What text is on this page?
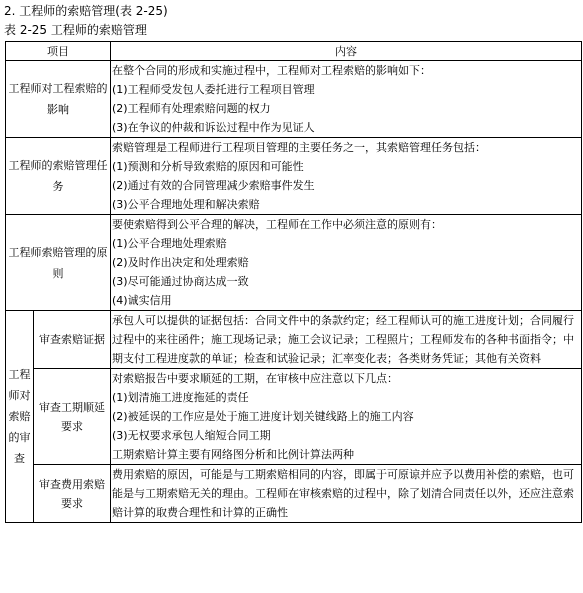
2. 工程师的索赔管理(表 2-25)
表 2-25 工程师的索赔管理
项目		内容
工程师对工程索赔的影响		在整个合同的形成和实施过程中，工程师对工程索赔的影响如下：
(1)工程师受发包人委托进行工程项目管理
(2)工程师有处理索赔问题的权力
(3)在争议的仲裁和诉讼过程中作为见证人

工程师的索赔管理任务		索赔管理是工程师进行工程项目管理的主要任务之一，其索赔管理任务包括：
(1)预测和分析导致索赔的原因和可能性
(2)通过有效的合同管理减少索赔事件发生
(3)公平合理地处理和解决索赔

工程师索赔管理的原则		要使索赔得到公平合理的解决，工程师在工作中必须注意的原则有：
(1)公平合理地处理索赔
(2)及时作出决定和处理索赔
(3)尽可能通过协商达成一致
(4)诚实信用

工程师对索赔的审查	审查索赔证据	承包人可以提供的证据包括：合同文件中的条款约定；经工程师认可的施工进度计划；合同履行过程中的来往函件；施工现场记录；施工会议记录；工程照片；工程师发布的各种书面指令；中期支付工程进度款的单证；检查和试验记录；汇率变化表；各类财务凭证；其他有关资料

	审查工期顺延要求	对索赔报告中要求顺延的工期，在审核中应注意以下几点：
(1)划清施工进度拖延的责任
(2)被延误的工作应是处于施工进度计划关键线路上的施工内容
(3)无权要求承包人缩短合同工期
工期索赔计算主要有网络图分析和比例计算法两种

	审查费用索赔要求	费用索赔的原因，可能是与工期索赔相同的内容，即属于可原谅并应予以费用补偿的索赔，也可能是与工期索赔无关的理由。工程师在审核索赔的过程中，除了划清合同责任以外，还应注意索赔计算的取费合理性和计算的正确性
